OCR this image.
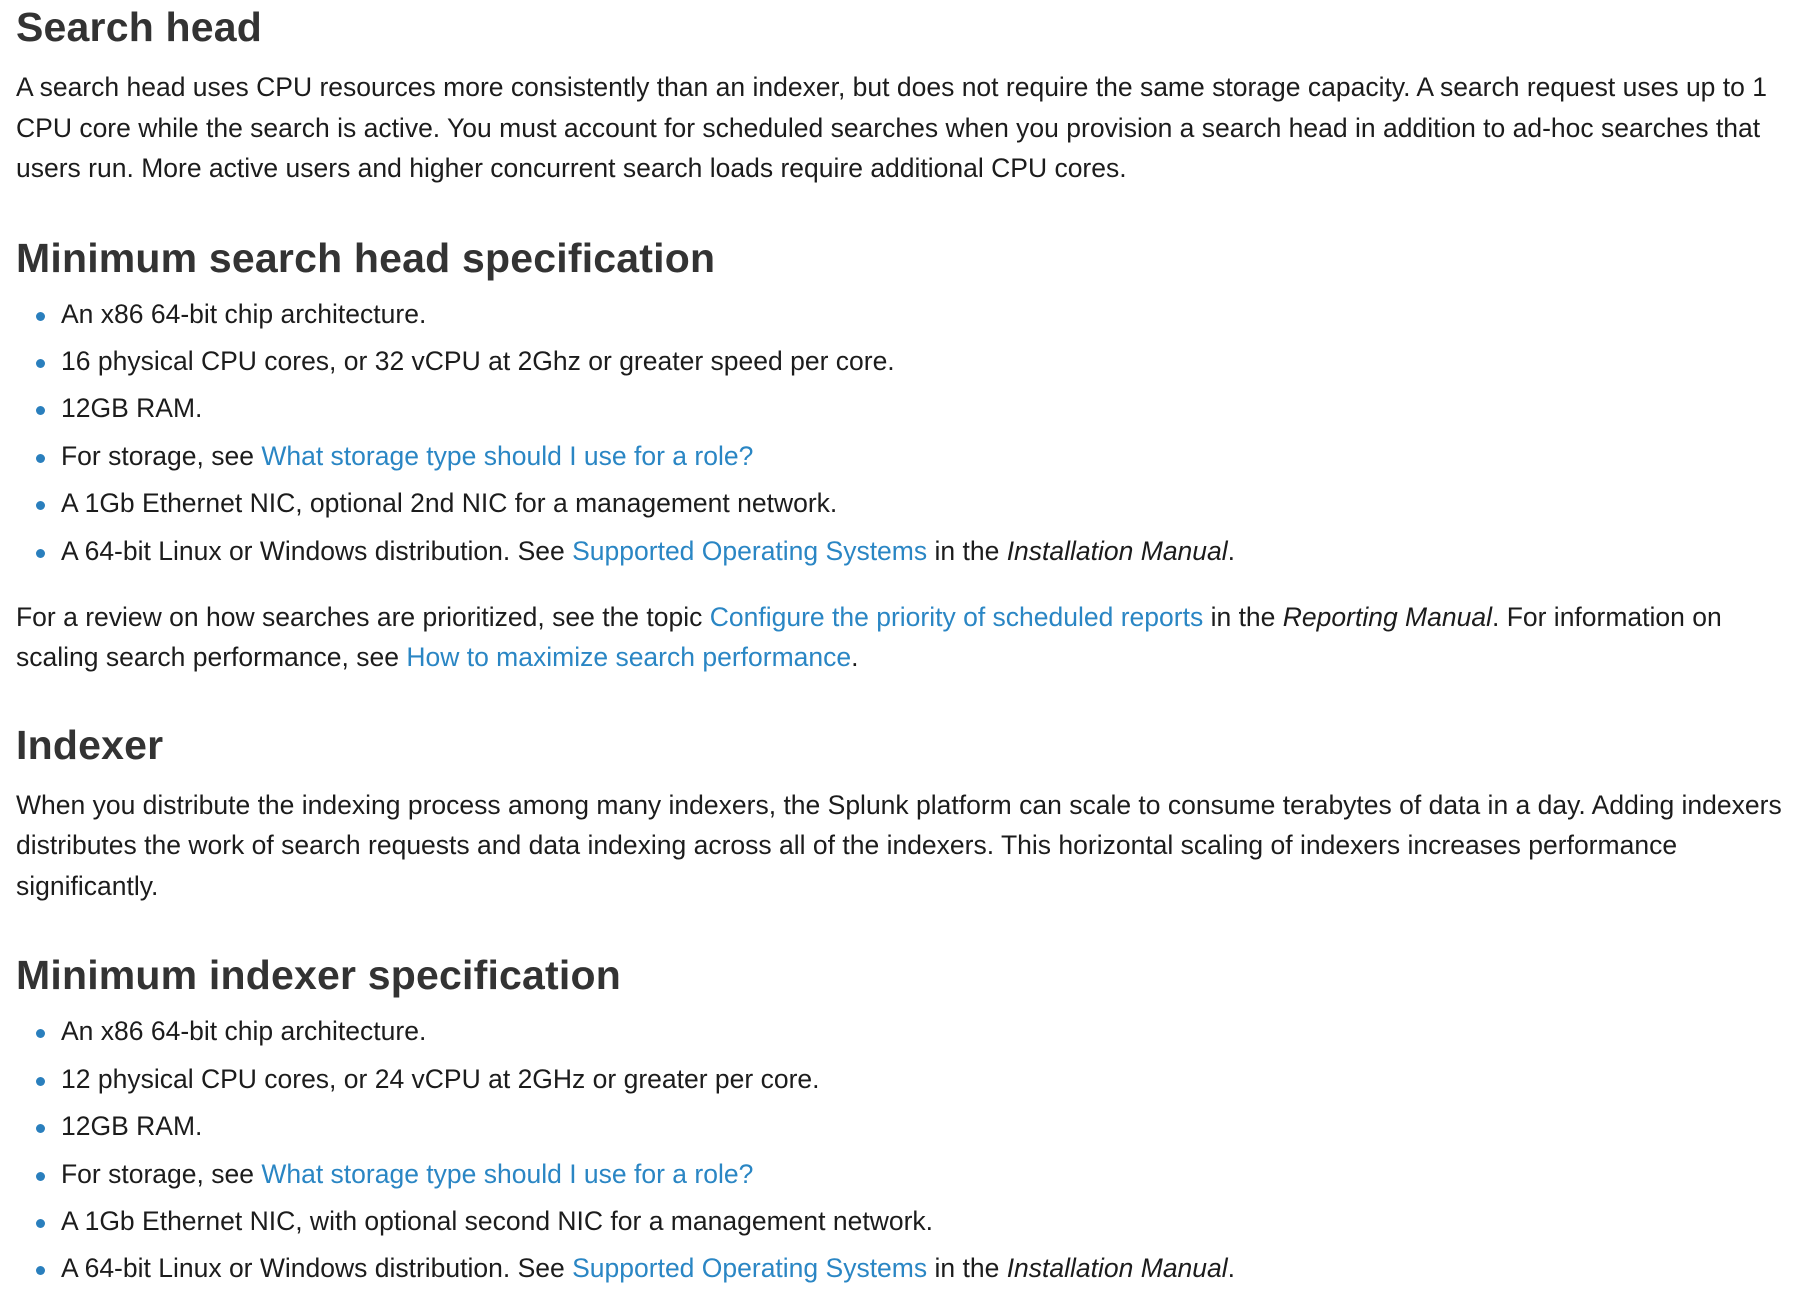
Search head

A search head uses CPU resources more consistently than an indexer, but does not require the same storage capacity. A search request uses up to 1 CPU core while the search is active. You must account for scheduled searches when you provision a search head in addition to ad-hoc searches that users run. More active users and higher concurrent search loads require additional CPU cores.

Minimum search head specification
An x86 64-bit chip architecture.
16 physical CPU cores, or 32 vCPU at 2Ghz or greater speed per core.
12GB RAM.
For storage, see What storage type should I use for a role?
A 1Gb Ethernet NIC, optional 2nd NIC for a management network.
A 64-bit Linux or Windows distribution. See Supported Operating Systems in the Installation Manual.

For a review on how searches are prioritized, see the topic Configure the priority of scheduled reports in the Reporting Manual. For information on scaling search performance, see How to maximize search performance.

Indexer

When you distribute the indexing process among many indexers, the Splunk platform can scale to consume terabytes of data in a day. Adding indexers distributes the work of search requests and data indexing across all of the indexers. This horizontal scaling of indexers increases performance significantly.

Minimum indexer specification
An x86 64-bit chip architecture.
12 physical CPU cores, or 24 vCPU at 2GHz or greater per core.
12GB RAM.
For storage, see What storage type should I use for a role?
A 1Gb Ethernet NIC, with optional second NIC for a management network.
A 64-bit Linux or Windows distribution. See Supported Operating Systems in the Installation Manual.
